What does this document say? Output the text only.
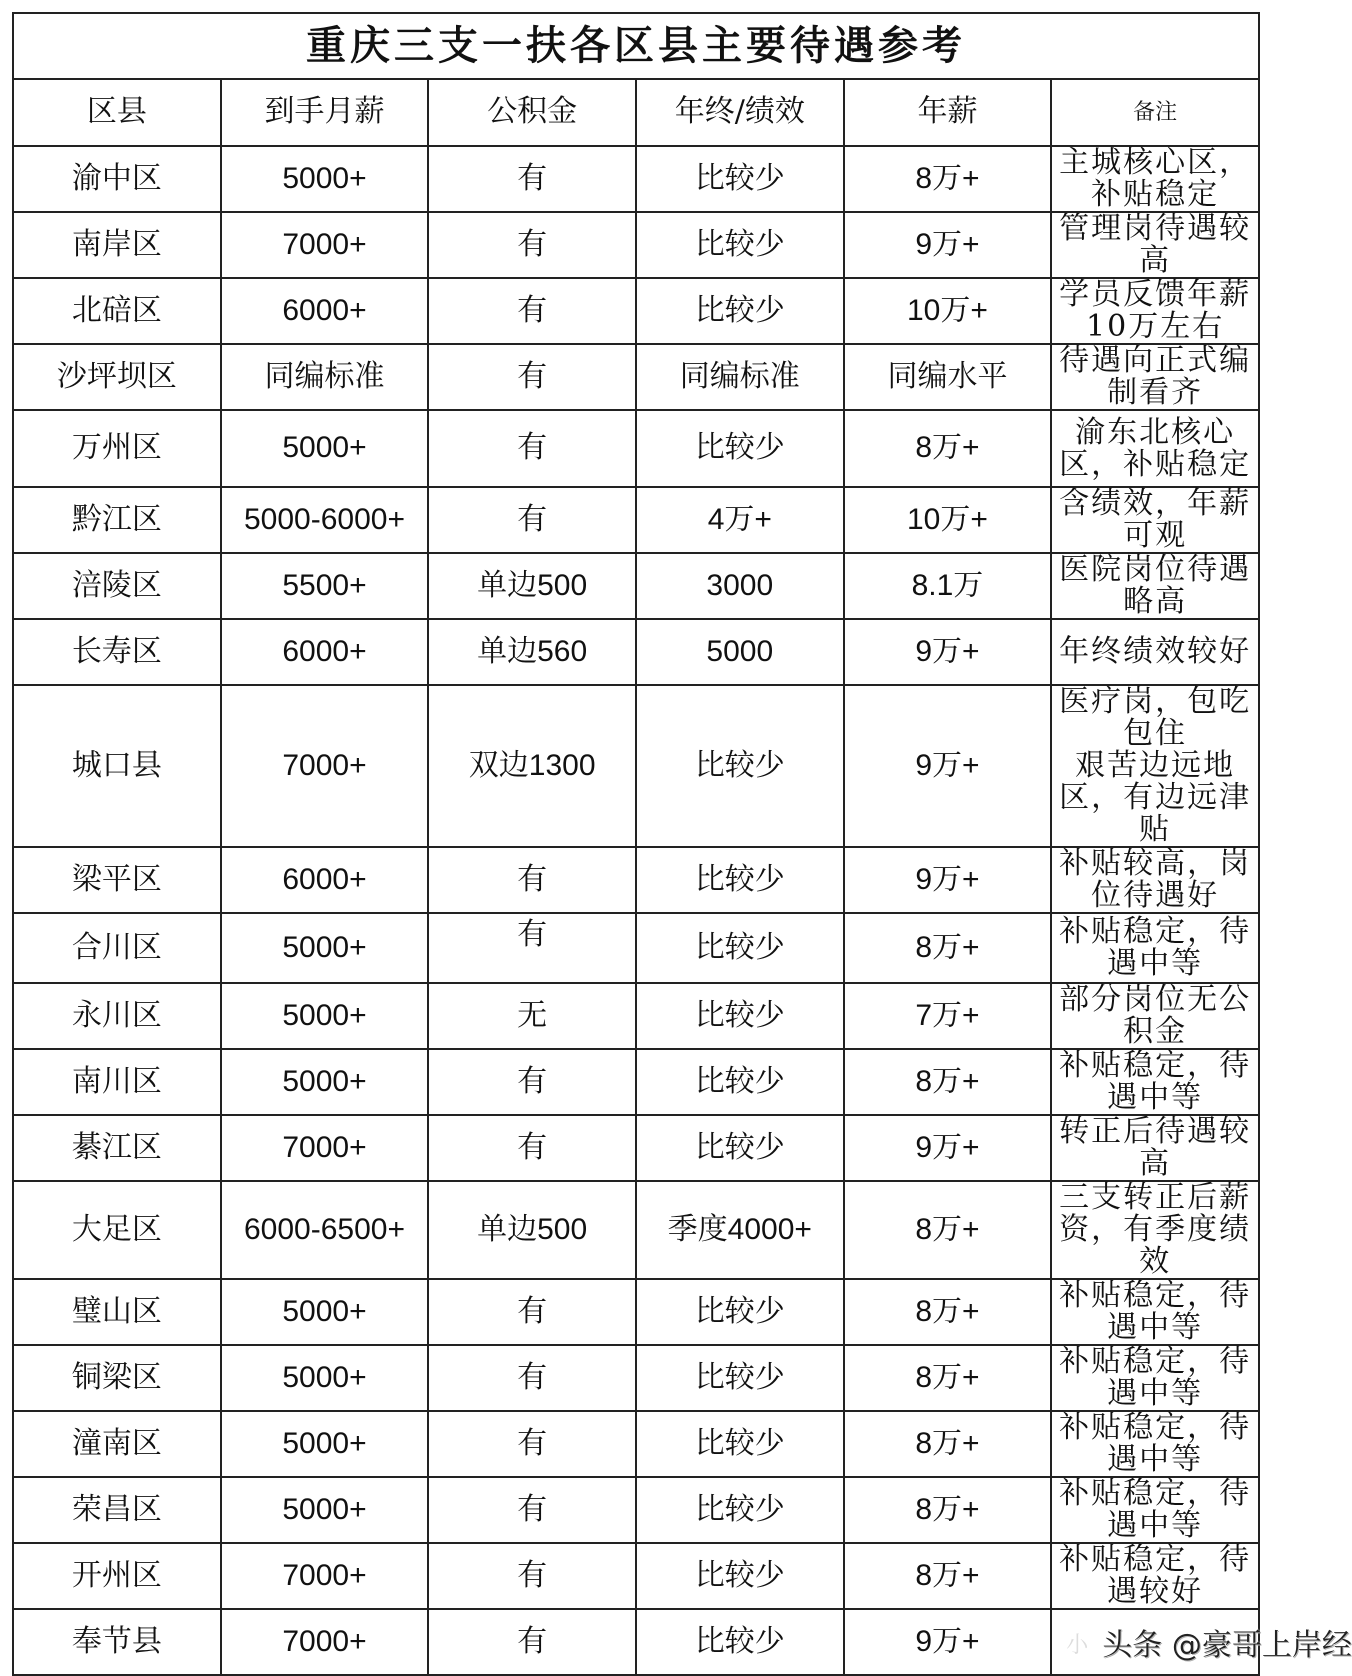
重庆三支一扶各区县主要待遇参考					
区县	到手月薪	公积金	年终/绩效	年薪	备注
渝中区	5000+	有	比较少	8万+	主城核心区，补贴稳定
南岸区	7000+	有	比较少	9万+	管理岗待遇较高
北碚区	6000+	有	比较少	10万+	学员反馈年薪10万左右
沙坪坝区	同编标准	有	同编标准	同编水平	待遇向正式编制看齐
万州区	5000+	有	比较少	8万+	渝东北核心区，补贴稳定
黔江区	5000-6000+	有	4万+	10万+	含绩效，年薪可观
涪陵区	5500+	单边500	3000	8.1万	医院岗位待遇略高
长寿区	6000+	单边560	5000	9万+	年终绩效较好
城口县	7000+	双边1300	比较少	9万+	医疗岗，包吃包住
艰苦边远地区，有边远津贴
梁平区	6000+	有	比较少	9万+	补贴较高，岗位待遇好
合川区	5000+	有	比较少	8万+	补贴稳定，待遇中等
永川区	5000+	无	比较少	7万+	部分岗位无公积金
南川区	5000+	有	比较少	8万+	补贴稳定，待遇中等
綦江区	7000+	有	比较少	9万+	转正后待遇较高
大足区	6000-6500+	单边500	季度4000+	8万+	三支转正后薪资，有季度绩效
璧山区	5000+	有	比较少	8万+	补贴稳定，待遇中等
铜梁区	5000+	有	比较少	8万+	补贴稳定，待遇中等
潼南区	5000+	有	比较少	8万+	补贴稳定，待遇中等
荣昌区	5000+	有	比较少	8万+	补贴稳定，待遇中等
开州区	7000+	有	比较少	8万+	补贴稳定，待遇较好
奉节县	7000+	有	比较少	9万+	小 头条 @豪哥上岸经
